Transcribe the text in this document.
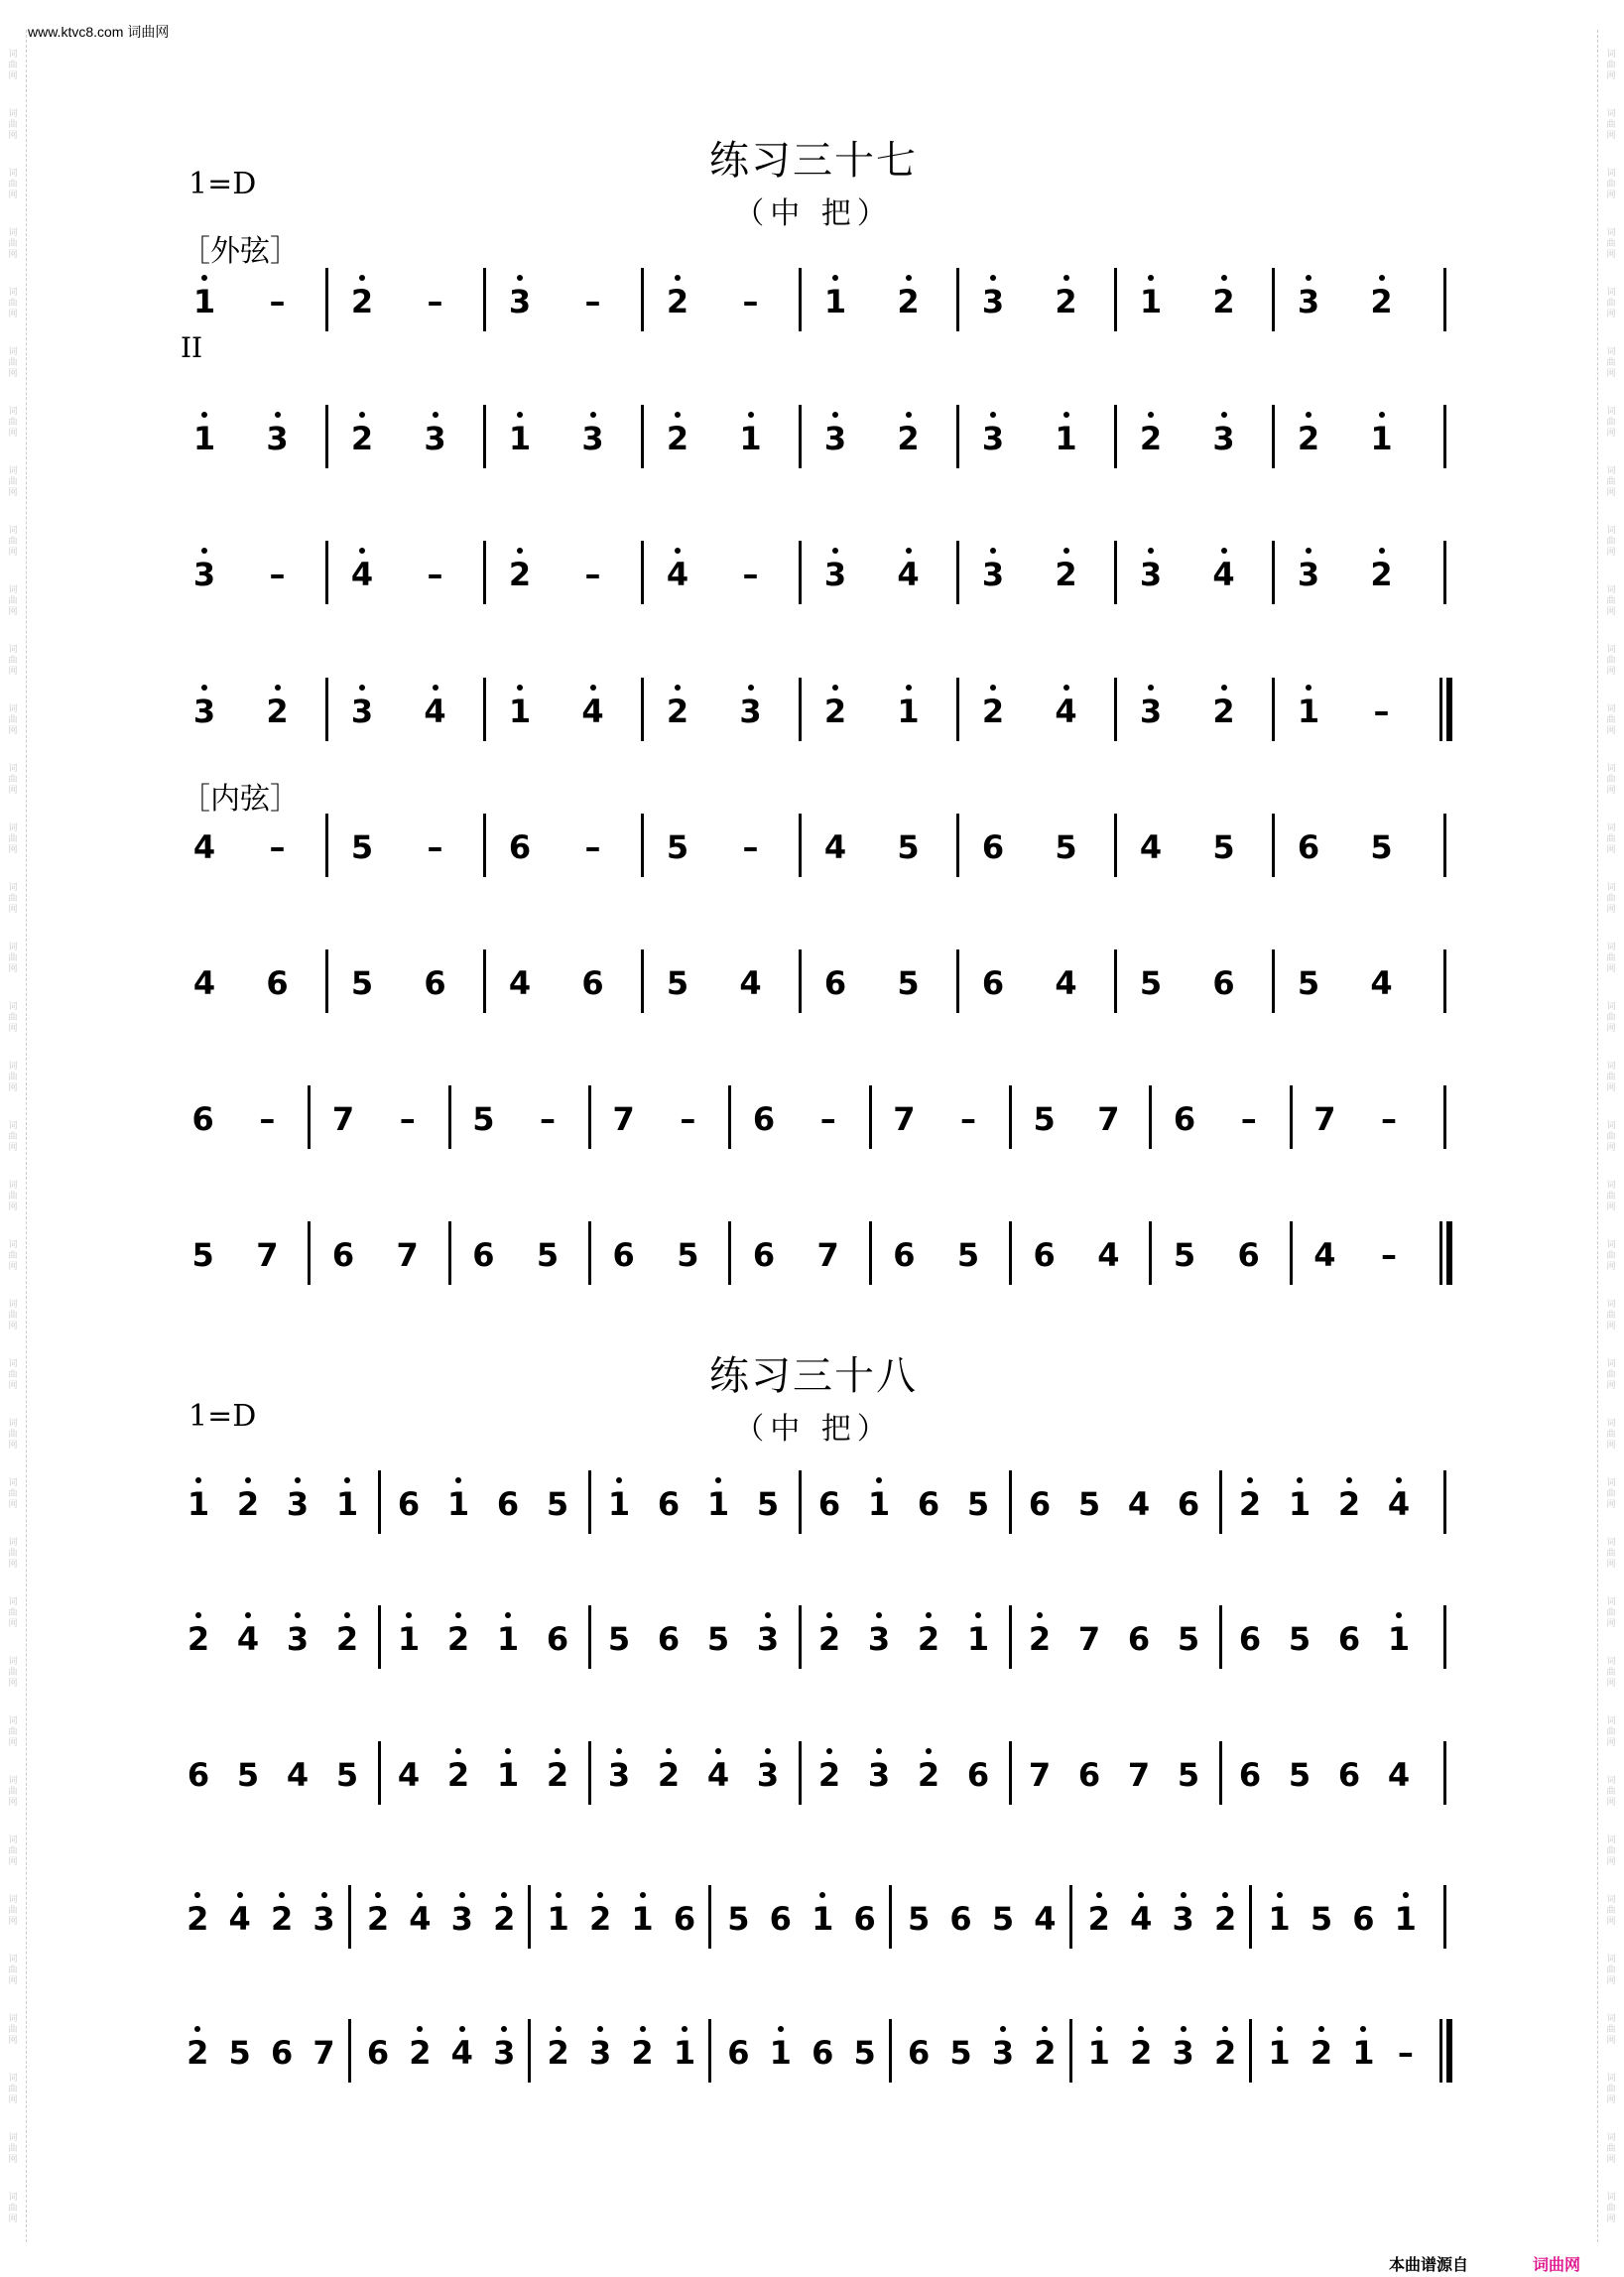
www.ktvc8.com 词曲网
练习三十七
（中 把）
1=D
［外弦］
II
［内弦］
练习三十八
（中 把）
1=D
1 – 2 – 3 – 2 – 1 2 3 2 1 2 3 2
1 3 2 3 1 3 2 1 3 2 3 1 2 3 2 1
3 – 4 – 2 – 4 – 3 4 3 2 3 4 3 2
3 2 3 4 1 4 2 3 2 1 2 4 3 2 1 –
4 – 5 – 6 – 5 – 4 5 6 5 4 5 6 5
4 6 5 6 4 6 5 4 6 5 6 4 5 6 5 4
6 – 7 – 5 – 7 – 6 – 7 – 5 7 6 – 7 –
5 7 6 7 6 5 6 5 6 7 6 5 6 4 5 6 4 –
1 2 3 1 6 1 6 5 1 6 1 5 6 1 6 5 6 5 4 6 2 1 2 4
2 4 3 2 1 2 1 6 5 6 5 3 2 3 2 1 2 7 6 5 6 5 6 1
6 5 4 5 4 2 1 2 3 2 4 3 2 3 2 6 7 6 7 5 6 5 6 4
2 4 2 3 2 4 3 2 1 2 1 6 5 6 1 6 5 6 5 4 2 4 3 2 1 5 6 1
2 5 6 7 6 2 4 3 2 3 2 1 6 1 6 5 6 5 3 2 1 2 3 2 1 2 1 –
本曲谱源自	词曲网
词
曲
网
词
曲
网
词
曲
网
词
曲
网
词
曲
网
词
曲
网
词
曲
网
词
曲
网
词
曲
网
词
曲
网
词
曲
网
词
曲
网
词
曲
网
词
曲
网
词
曲
网
词
曲
网
词
曲
网
词
曲
网
词
曲
网
词
曲
网
词
曲
网
词
曲
网
词
曲
网
词
曲
网
词
曲
网
词
曲
网
词
曲
网
词
曲
网
词
曲
网
词
曲
网
词
曲
网
词
曲
网
词
曲
网
词
曲
网
词
曲
网
词
曲
网
词
曲
网
词
曲
网
词
曲
网
词
曲
网
词
曲
网
词
曲
网
词
曲
网
词
曲
网
词
曲
网
词
曲
网
词
曲
网
词
曲
网
词
曲
网
词
曲
网
词
曲
网
词
曲
网
词
曲
网
词
曲
网
词
曲
网
词
曲
网
词
曲
网
词
曲
网
词
曲
网
词
曲
网
词
曲
网
词
曲
网
词
曲
网
词
曲
网
词
曲
网
词
曲
网
词
曲
网
词
曲
网
词
曲
网
词
曲
网
词
曲
网
词
曲
网
词
曲
网
词
曲
网
